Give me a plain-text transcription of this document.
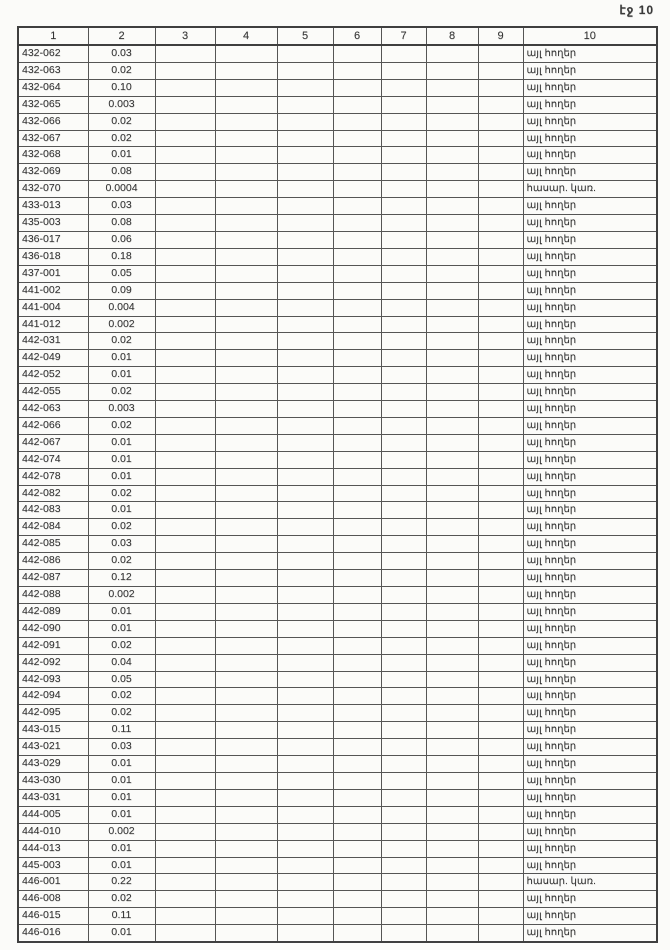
էջ 10
1	2	3	4	5	6	7	8	9	10
432-062	0.03								այլ հողեր
432-063	0.02								այլ հողեր
432-064	0.10								այլ հողեր
432-065	0.003								այլ հողեր
432-066	0.02								այլ հողեր
432-067	0.02								այլ հողեր
432-068	0.01								այլ հողեր
432-069	0.08								այլ հողեր
432-070	0.0004								հասար. կառ.
433-013	0.03								այլ հողեր
435-003	0.08								այլ հողեր
436-017	0.06								այլ հողեր
436-018	0.18								այլ հողեր
437-001	0.05								այլ հողեր
441-002	0.09								այլ հողեր
441-004	0.004								այլ հողեր
441-012	0.002								այլ հողեր
442-031	0.02								այլ հողեր
442-049	0.01								այլ հողեր
442-052	0.01								այլ հողեր
442-055	0.02								այլ հողեր
442-063	0.003								այլ հողեր
442-066	0.02								այլ հողեր
442-067	0.01								այլ հողեր
442-074	0.01								այլ հողեր
442-078	0.01								այլ հողեր
442-082	0.02								այլ հողեր
442-083	0.01								այլ հողեր
442-084	0.02								այլ հողեր
442-085	0.03								այլ հողեր
442-086	0.02								այլ հողեր
442-087	0.12								այլ հողեր
442-088	0.002								այլ հողեր
442-089	0.01								այլ հողեր
442-090	0.01								այլ հողեր
442-091	0.02								այլ հողեր
442-092	0.04								այլ հողեր
442-093	0.05								այլ հողեր
442-094	0.02								այլ հողեր
442-095	0.02								այլ հողեր
443-015	0.11								այլ հողեր
443-021	0.03								այլ հողեր
443-029	0.01								այլ հողեր
443-030	0.01								այլ հողեր
443-031	0.01								այլ հողեր
444-005	0.01								այլ հողեր
444-010	0.002								այլ հողեր
444-013	0.01								այլ հողեր
445-003	0.01								այլ հողեր
446-001	0.22								հասար. կառ.
446-008	0.02								այլ հողեր
446-015	0.11								այլ հողեր
446-016	0.01								այլ հողեր
